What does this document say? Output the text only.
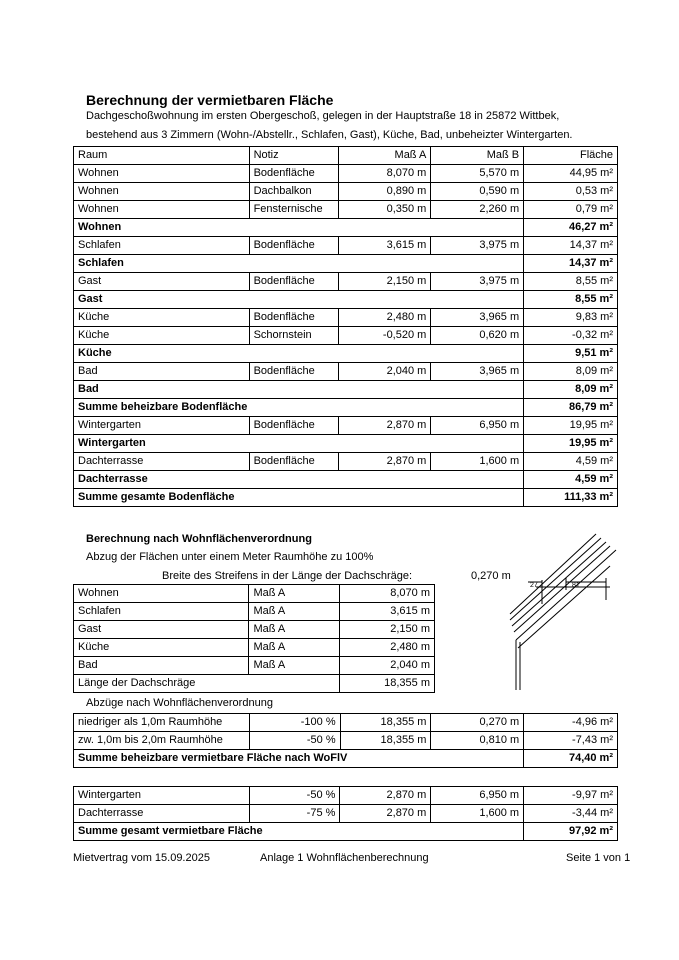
Berechnung der vermietbaren Fläche
Dachgeschoßwohnung im ersten Obergeschoß, gelegen in der Hauptstraße 18 in 25872 Wittbek,
bestehend aus 3 Zimmern (Wohn-/Abstellr., Schlafen, Gast), Küche, Bad, unbeheizter Wintergarten.
Raum	Notiz	Maß A	Maß B	Fläche
Wohnen	Bodenfläche	8,070 m	5,570 m	44,95 m²
Wohnen	Dachbalkon	0,890 m	0,590 m	0,53 m²
Wohnen	Fensternische	0,350 m	2,260 m	0,79 m²
Wohnen				46,27 m²
Schlafen	Bodenfläche	3,615 m	3,975 m	14,37 m²
Schlafen				14,37 m²
Gast	Bodenfläche	2,150 m	3,975 m	8,55 m²
Gast				8,55 m²
Küche	Bodenfläche	2,480 m	3,965 m	9,83 m²
Küche	Schornstein	-0,520 m	0,620 m	-0,32 m²
Küche				9,51 m²
Bad	Bodenfläche	2,040 m	3,965 m	8,09 m²
Bad				8,09 m²
Summe beheizbare Bodenfläche				86,79 m²
Wintergarten	Bodenfläche	2,870 m	6,950 m	19,95 m²
Wintergarten				19,95 m²
Dachterrasse	Bodenfläche	2,870 m	1,600 m	4,59 m²
Dachterrasse				4,59 m²
Summe gesamte Bodenfläche				111,33 m²
Berechnung nach Wohnflächenverordnung
Abzug der Flächen unter einem Meter Raumhöhe zu 100%
Breite des Streifens in der Länge der Dachschräge:	0,270 m
27	81
Wohnen	Maß A	8,070 m
Schlafen	Maß A	3,615 m
Gast	Maß A	2,150 m
Küche	Maß A	2,480 m
Bad	Maß A	2,040 m
Länge der Dachschräge		18,355 m
Abzüge nach Wohnflächenverordnung
niedriger als 1,0m Raumhöhe	-100 %	18,355 m	0,270 m	-4,96 m²
zw. 1,0m bis 2,0m Raumhöhe	-50 %	18,355 m	0,810 m	-7,43 m²
Summe beheizbare vermietbare Fläche nach WoFlV				74,40 m²
Wintergarten	-50 %	2,870 m	6,950 m	-9,97 m²
Dachterrasse	-75 %	2,870 m	1,600 m	-3,44 m²
Summe gesamt vermietbare Fläche				97,92 m²
Mietvertrag vom 15.09.2025	Anlage 1 Wohnflächenberechnung	Seite 1 von 1
